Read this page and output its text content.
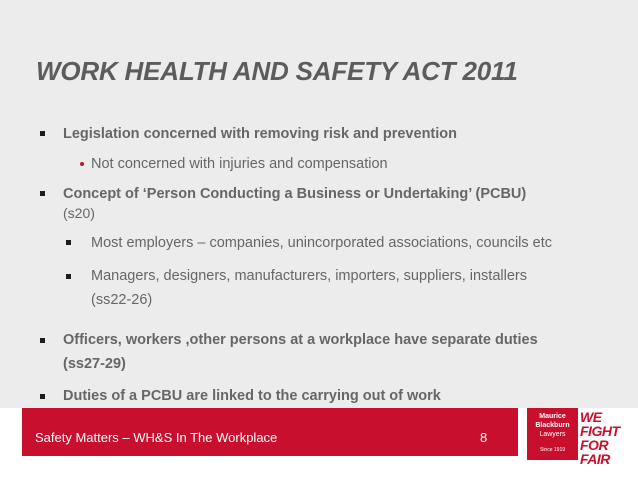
WORK HEALTH AND SAFETY ACT 2011
Legislation concerned with removing risk and prevention
Not concerned with injuries and compensation
Concept of ‘Person Conducting a Business or Undertaking’ (PCBU)
(s20)
Most employers – companies, unincorporated associations, councils etc
Managers, designers, manufacturers, importers, suppliers, installers
(ss22-26)
Officers, workers ,other persons at a workplace have separate duties
(ss27-29)
Duties of a PCBU are linked to the carrying out of work
Safety Matters – WH&S In The Workplace	8
Maurice
Blackburn
Lawyers
Since 1919
WE
FIGHT
FOR
FAIR
